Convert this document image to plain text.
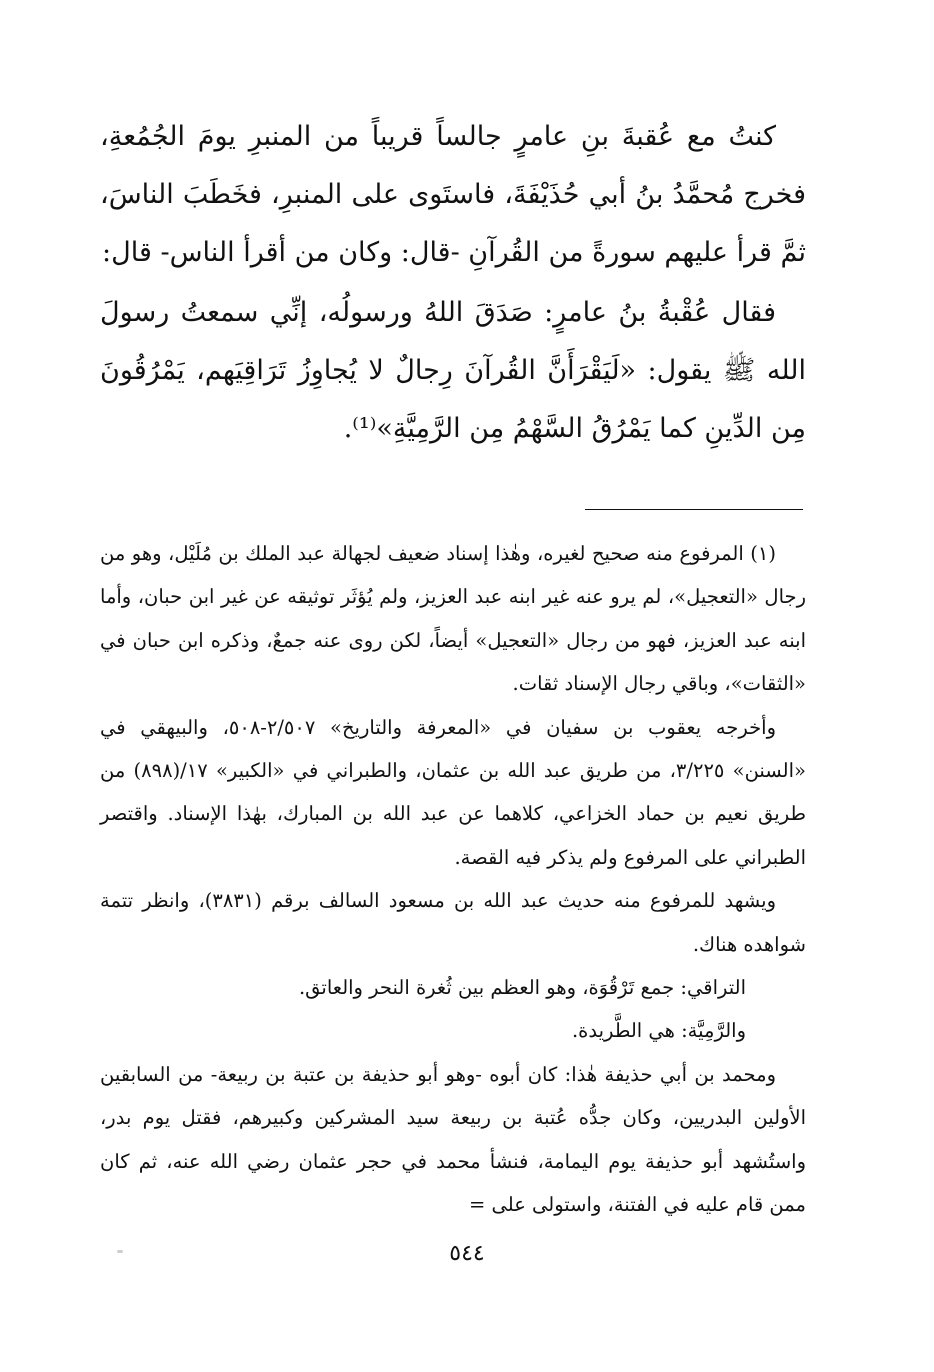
كنتُ مع عُقبةَ بنِ عامرٍ جالساً قريباً من المنبرِ يومَ الجُمُعةِ، فخرج مُحمَّدُ بنُ أبي حُذَيْفَةَ، فاستَوى على المنبرِ، فخَطَبَ الناسَ، ثمَّ قرأ عليهم سورةً من القُرآنِ -قال: وكان من أقرأ الناس- قال:

فقال عُقْبةُ بنُ عامرٍ: صَدَقَ اللهُ ورسولُه، إنِّي سمعتُ رسولَ الله ﷺ يقول: «لَيَقْرَأَنَّ القُرآنَ رِجالٌ لا يُجاوِزُ تَرَاقِيَهم، يَمْرُقُونَ مِن الدِّينِ كما يَمْرُقُ السَّهْمُ مِن الرَّمِيَّةِ»⁽¹⁾.

(١) المرفوع منه صحيح لغيره، وهٰذا إسناد ضعيف لجهالة عبد الملك بن مُلَيْل، وهو من رجال «التعجيل»، لم يرو عنه غير ابنه عبد العزيز، ولم يُؤثَر توثيقه عن غير ابن حبان، وأما ابنه عبد العزيز، فهو من رجال «التعجيل» أيضاً، لكن روى عنه جمعٌ، وذكره ابن حبان في «الثقات»، وباقي رجال الإسناد ثقات.

وأخرجه يعقوب بن سفيان في «المعرفة والتاريخ» ٢/٥٠٧-٥٠٨، والبيهقي في «السنن» ٣/٢٢٥، من طريق عبد الله بن عثمان، والطبراني في «الكبير» ١٧/(٨٩٨) من طريق نعيم بن حماد الخزاعي، كلاهما عن عبد الله بن المبارك، بهٰذا الإسناد. واقتصر الطبراني على المرفوع ولم يذكر فيه القصة.

ويشهد للمرفوع منه حديث عبد الله بن مسعود السالف برقم (٣٨٣١)، وانظر تتمة شواهده هناك.

التراقي: جمع تَرْقُوَة، وهو العظم بين ثُغرة النحر والعاتق.

والرَّمِيَّة: هي الطَّريدة.

ومحمد بن أبي حذيفة هٰذا: كان أبوه -وهو أبو حذيفة بن عتبة بن ربيعة- من السابقين الأولين البدريين، وكان جدُّه عُتبة بن ربيعة سيد المشركين وكبيرهم، فقتل يوم بدر، واستُشهد أبو حذيفة يوم اليمامة، فنشأ محمد في حجر عثمان رضي الله عنه، ثم كان ممن قام عليه في الفتنة، واستولى على =

٥٤٤
